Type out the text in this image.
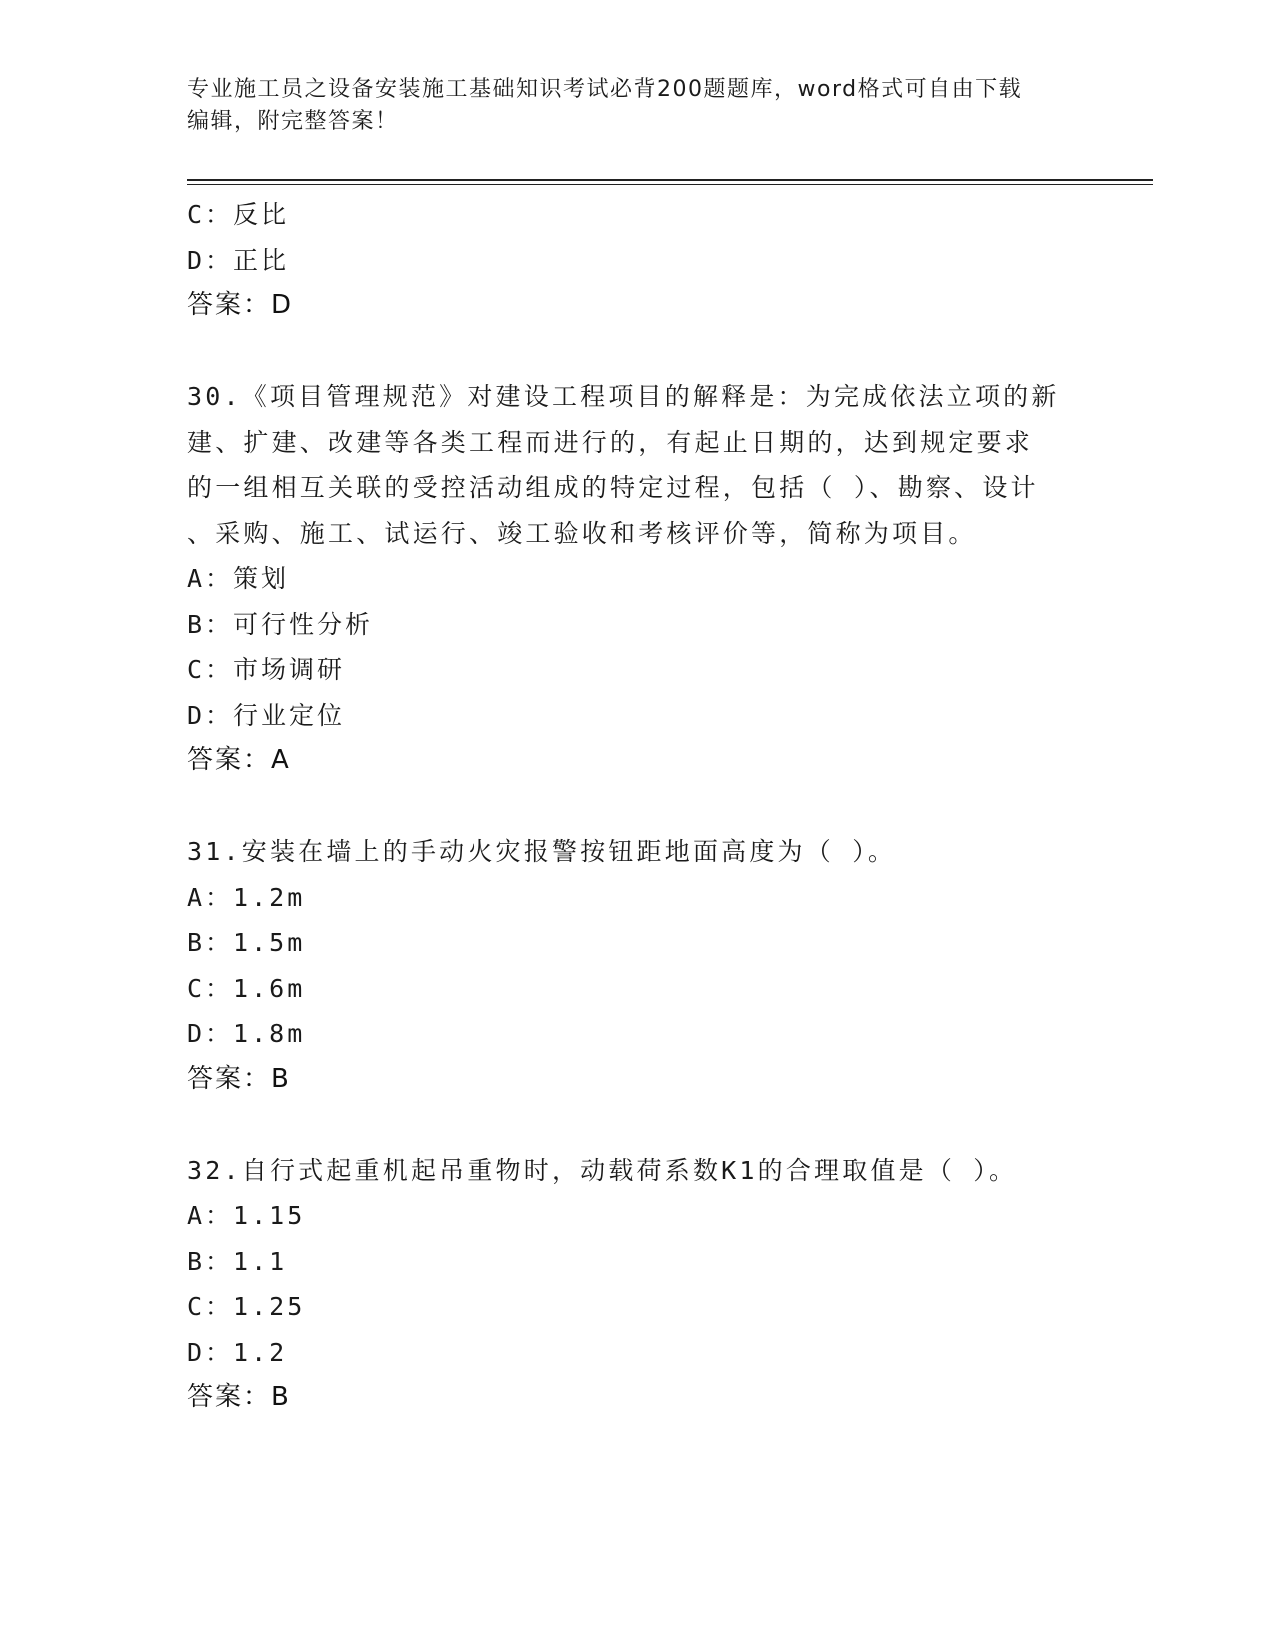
专业施工员之设备安装施工基础知识考试必背200题题库，word格式可自由下载
编辑，附完整答案！
C：反比
D：正比
答案：D
30.《项目管理规范》对建设工程项目的解释是：为完成依法立项的新
建、扩建、改建等各类工程而进行的，有起止日期的，达到规定要求
的一组相互关联的受控活动组成的特定过程，包括（ ）、勘察、设计
、采购、施工、试运行、竣工验收和考核评价等，简称为项目。
A：策划
B：可行性分析
C：市场调研
D：行业定位
答案：A
31.安装在墙上的手动火灾报警按钮距地面高度为（ ）。
A：1.2m
B：1.5m
C：1.6m
D：1.8m
答案：B
32.自行式起重机起吊重物时，动载荷系数K1的合理取值是（ ）。
A：1.15
B：1.1
C：1.25
D：1.2
答案：B
